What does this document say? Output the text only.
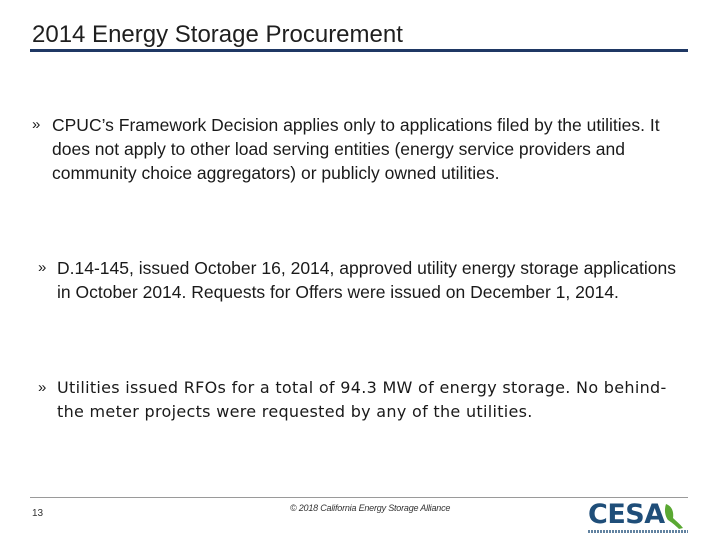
2014 Energy Storage Procurement

» CPUC’s Framework Decision applies only to applications filed by the utilities. It does not apply to other load serving entities (energy service providers and community choice aggregators) or publicly owned utilities.

» D.14-145, issued October 16, 2014, approved utility energy storage applications in October 2014. Requests for Offers were issued on December 1, 2014.

» Utilities issued RFOs for a total of 94.3 MW of energy storage. No behind-the meter projects were requested by any of the utilities.

13	© 2018 California Energy Storage Alliance	CESA
